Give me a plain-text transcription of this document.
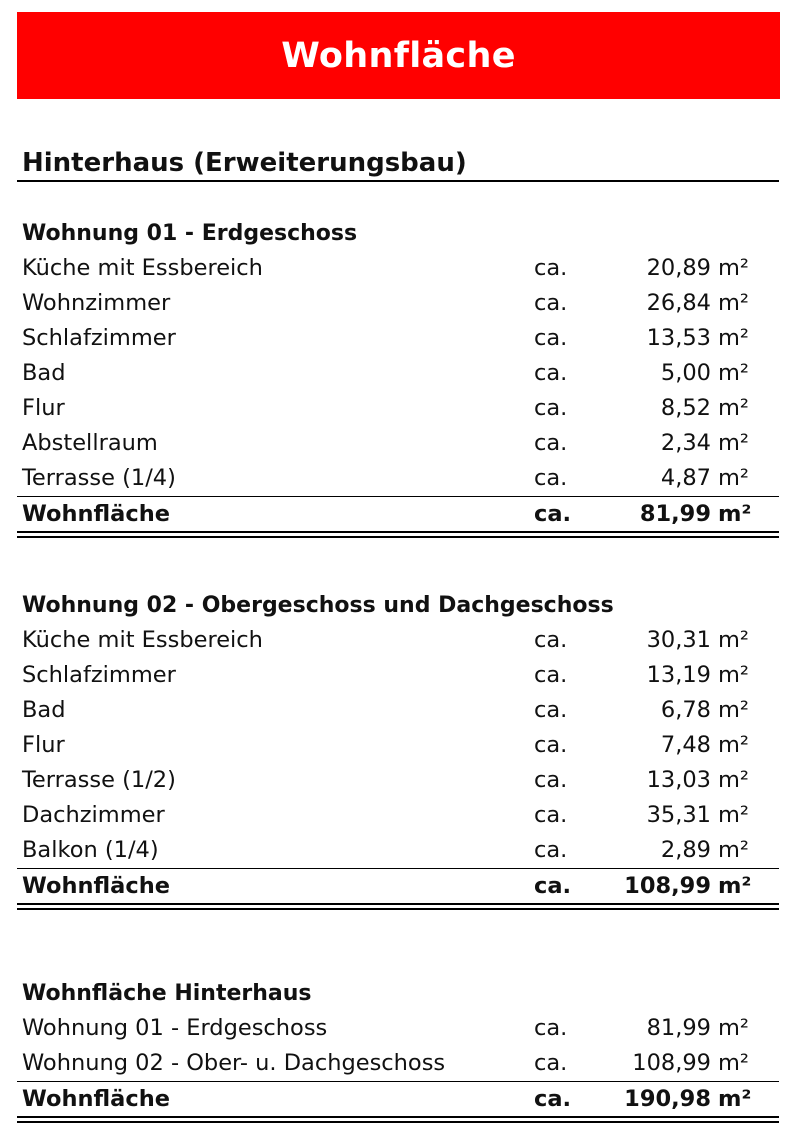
Wohnfläche
Hinterhaus (Erweiterungsbau)
Wohnung 01 - Erdgeschoss
Küche mit Essbereich	ca.	20,89 m²
Wohnzimmer	ca.	26,84 m²
Schlafzimmer	ca.	13,53 m²
Bad	ca.	5,00 m²
Flur	ca.	8,52 m²
Abstellraum	ca.	2,34 m²
Terrasse (1/4)	ca.	4,87 m²
Wohnfläche	ca.	81,99 m²
Wohnung 02 - Obergeschoss und Dachgeschoss
Küche mit Essbereich	ca.	30,31 m²
Schlafzimmer	ca.	13,19 m²
Bad	ca.	6,78 m²
Flur	ca.	7,48 m²
Terrasse (1/2)	ca.	13,03 m²
Dachzimmer	ca.	35,31 m²
Balkon (1/4)	ca.	2,89 m²
Wohnfläche	ca. 108,99 m²
Wohnfläche Hinterhaus
Wohnung 01 - Erdgeschoss	ca.	81,99 m²
Wohnung 02 - Ober- u. Dachgeschoss	ca.	108,99 m²
Wohnfläche	ca. 190,98 m²
